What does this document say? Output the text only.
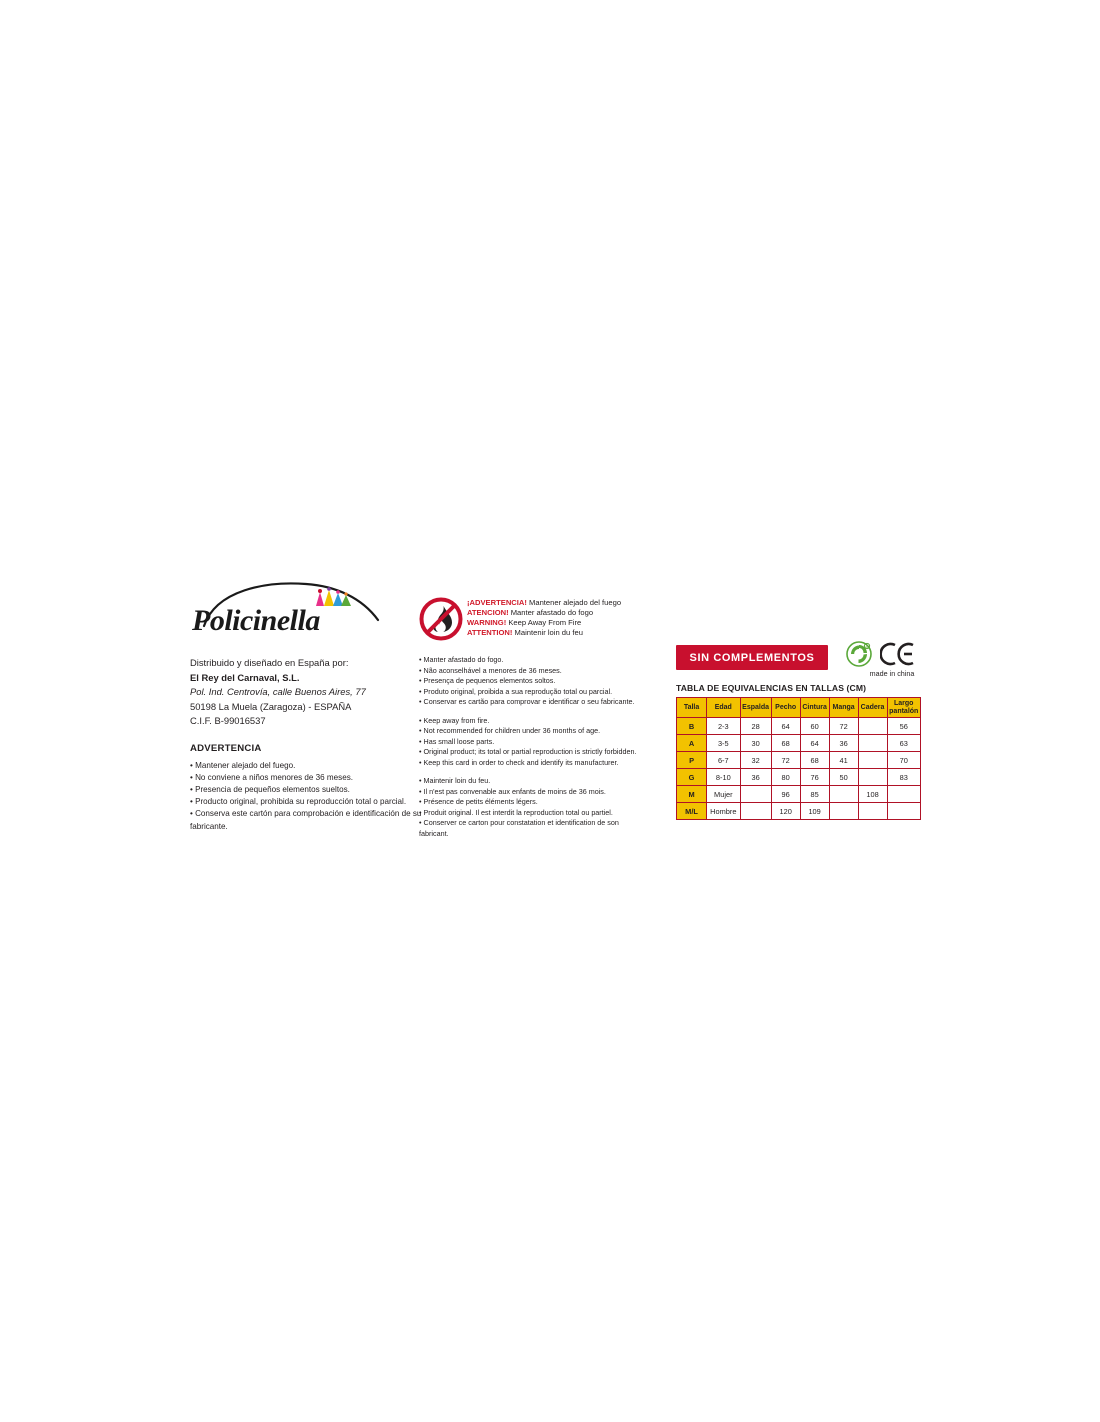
Policinella
Distribuido y diseñado en España por:
El Rey del Carnaval, S.L.
Pol. Ind. Centrovía, calle Buenos Aires, 77
50198 La Muela (Zaragoza) - ESPAÑA
C.I.F. B-99016537
ADVERTENCIA
• Mantener alejado del fuego.
• No conviene a niños menores de 36 meses.
• Presencia de pequeños elementos sueltos.
• Producto original, prohibida su reproducción total o parcial.
• Conserva este cartón para comprobación e identificación de su fabricante.
¡ADVERTENCIA! Mantener alejado del fuego
ATENCION! Manter afastado do fogo
WARNING! Keep Away From Fire
ATTENTION! Maintenir loin du feu
• Manter afastado do fogo.
• Não aconselhável a menores de 36 meses.
• Presença de pequenos elementos soltos.
• Produto original, proibida a sua reprodução total ou parcial.
• Conservar es cartão para comprovar e identificar o seu fabricante.
• Keep away from fire.
• Not recommended for children under 36 months of age.
• Has small loose parts.
• Original product; its total or partial reproduction is strictly forbidden.
• Keep this card in order to check and identify its manufacturer.
• Maintenir loin du feu.
• Il n'est pas convenable aux enfants de moins de 36 mois.
• Présence de petits éléments légers.
• Produit original. Il est interdit la reproduction total ou partiel.
• Conserver ce carton pour constatation et identification de son fabricant.
SIN COMPLEMENTOS
R
made in china
TABLA DE EQUIVALENCIAS EN TALLAS (CM)
Talla	Edad	Espalda	Pecho	Cintura	Manga	Cadera	Largo pantalón
B	2-3	28	64	60	72		56
A	3-5	30	68	64	36		63
P	6-7	32	72	68	41		70
G	8-10	36	80	76	50		83
M	Mujer		96	85		108	
M/L	Hombre		120	109			
